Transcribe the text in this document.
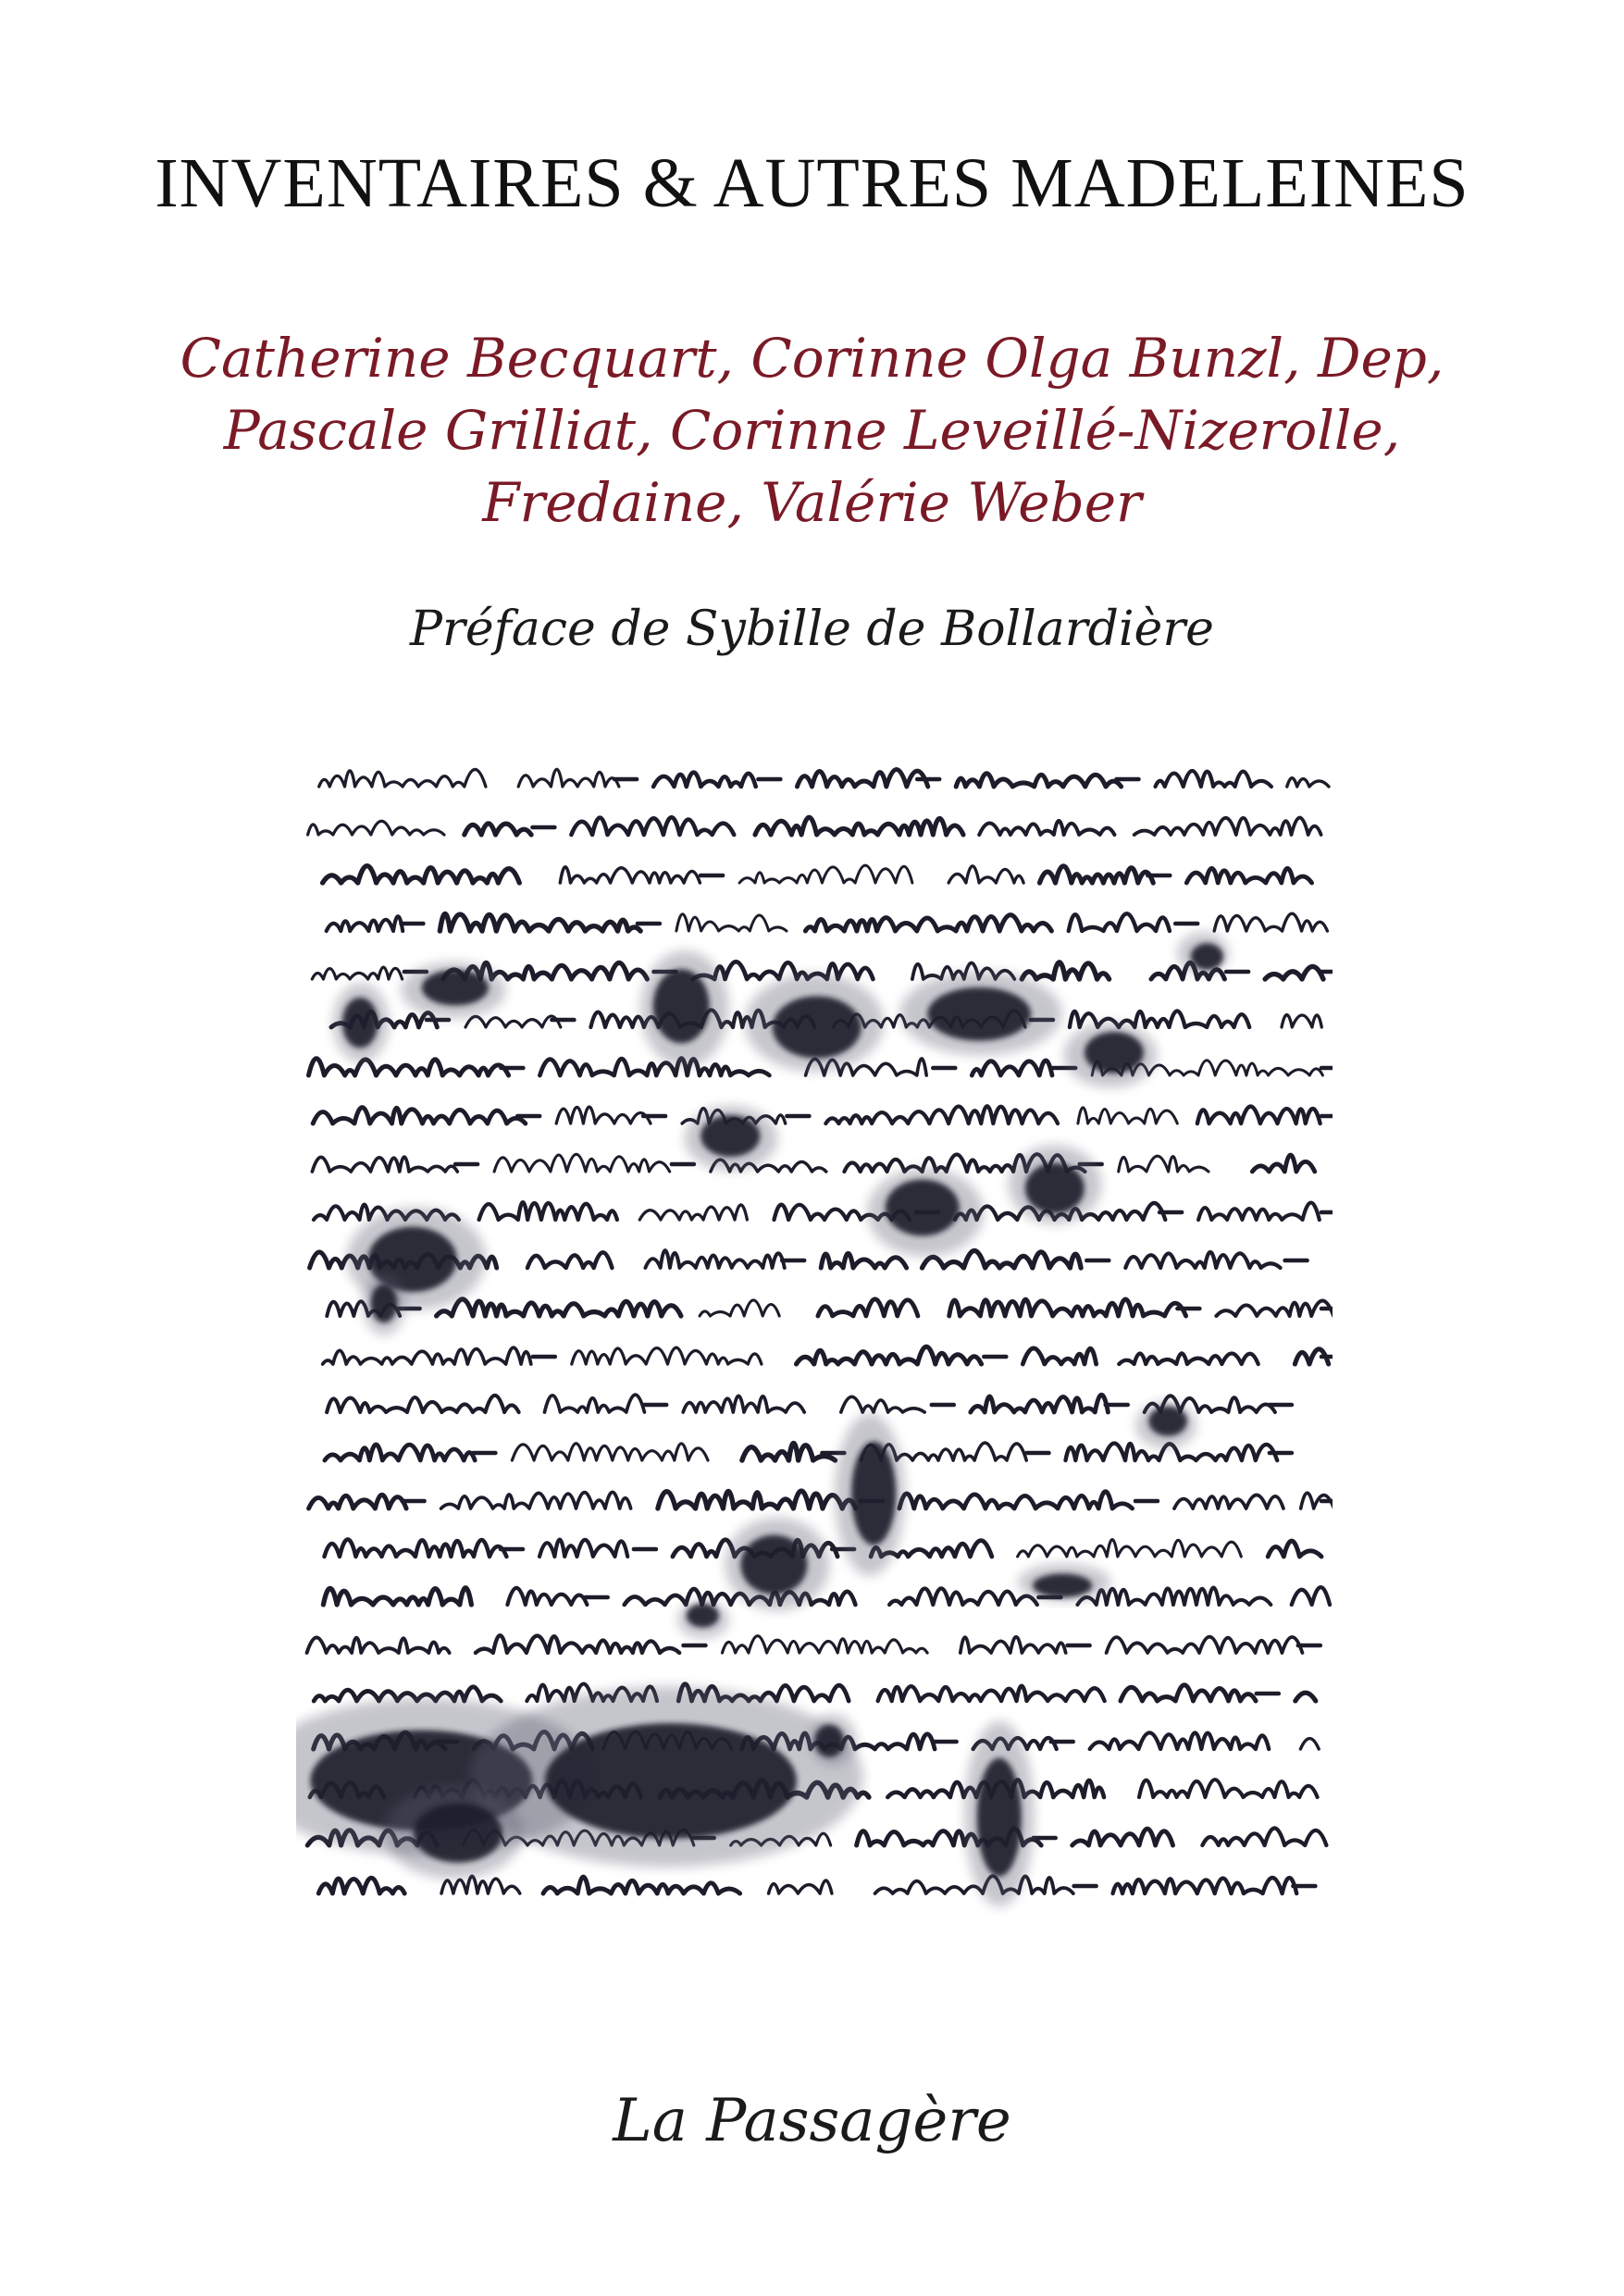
INVENTAIRES & AUTRES MADELEINES
Catherine Becquart, Corinne Olga Bunzl, Dep,
Pascale Grilliat, Corinne Leveillé-Nizerolle,
Fredaine, Valérie Weber
Préface de Sybille de Bollardière
La Passagère
